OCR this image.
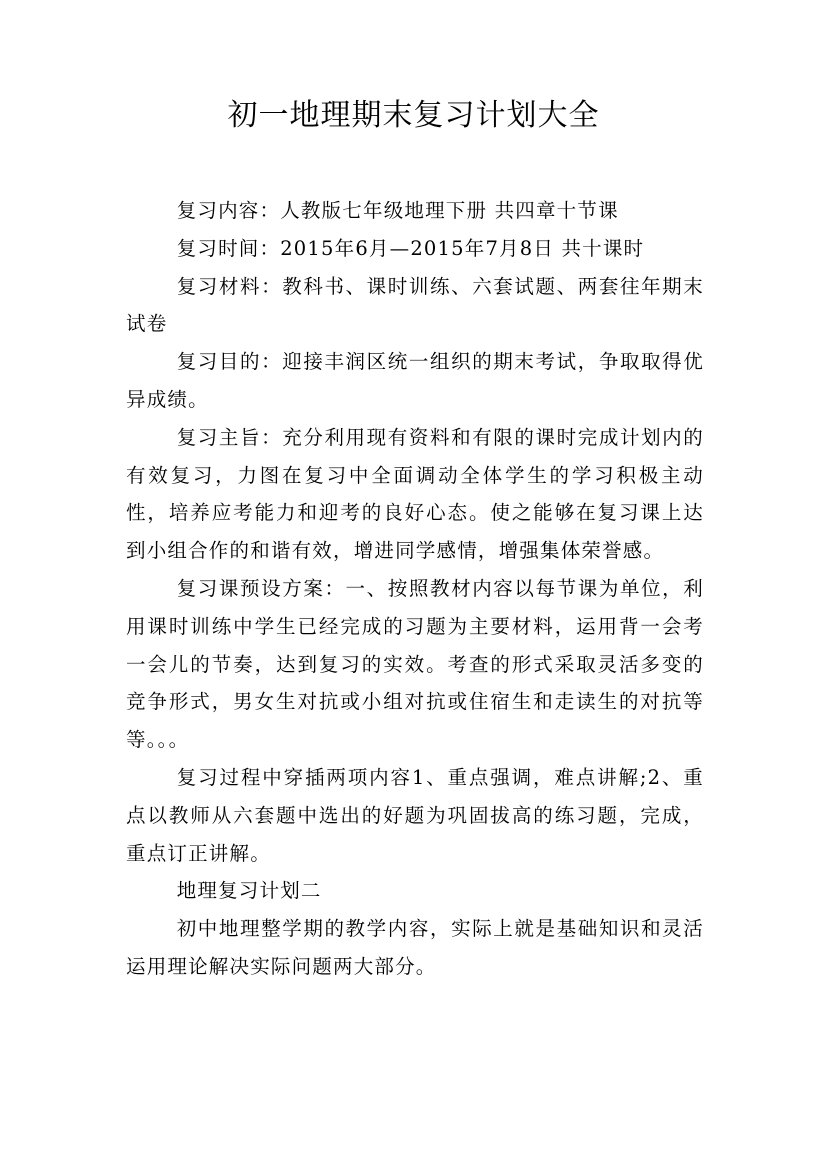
初一地理期末复习计划大全

复习内容：人教版七年级地理下册 共四章十节课

复习时间：2015年6月—2015年7月8日 共十课时

复习材料：教科书、课时训练、六套试题、两套往年期末试卷

复习目的：迎接丰润区统一组织的期末考试，争取取得优异成绩。

复习主旨：充分利用现有资料和有限的课时完成计划内的有效复习，力图在复习中全面调动全体学生的学习积极主动性，培养应考能力和迎考的良好心态。使之能够在复习课上达到小组合作的和谐有效，增进同学感情，增强集体荣誉感。

复习课预设方案：一、按照教材内容以每节课为单位，利用课时训练中学生已经完成的习题为主要材料，运用背一会考一会儿的节奏，达到复习的实效。考查的形式采取灵活多变的竞争形式，男女生对抗或小组对抗或住宿生和走读生的对抗等等。。。

复习过程中穿插两项内容1、重点强调，难点讲解;2、重点以教师从六套题中选出的好题为巩固拔高的练习题，完成，重点订正讲解。

地理复习计划二

初中地理整学期的教学内容，实际上就是基础知识和灵活运用理论解决实际问题两大部分。
